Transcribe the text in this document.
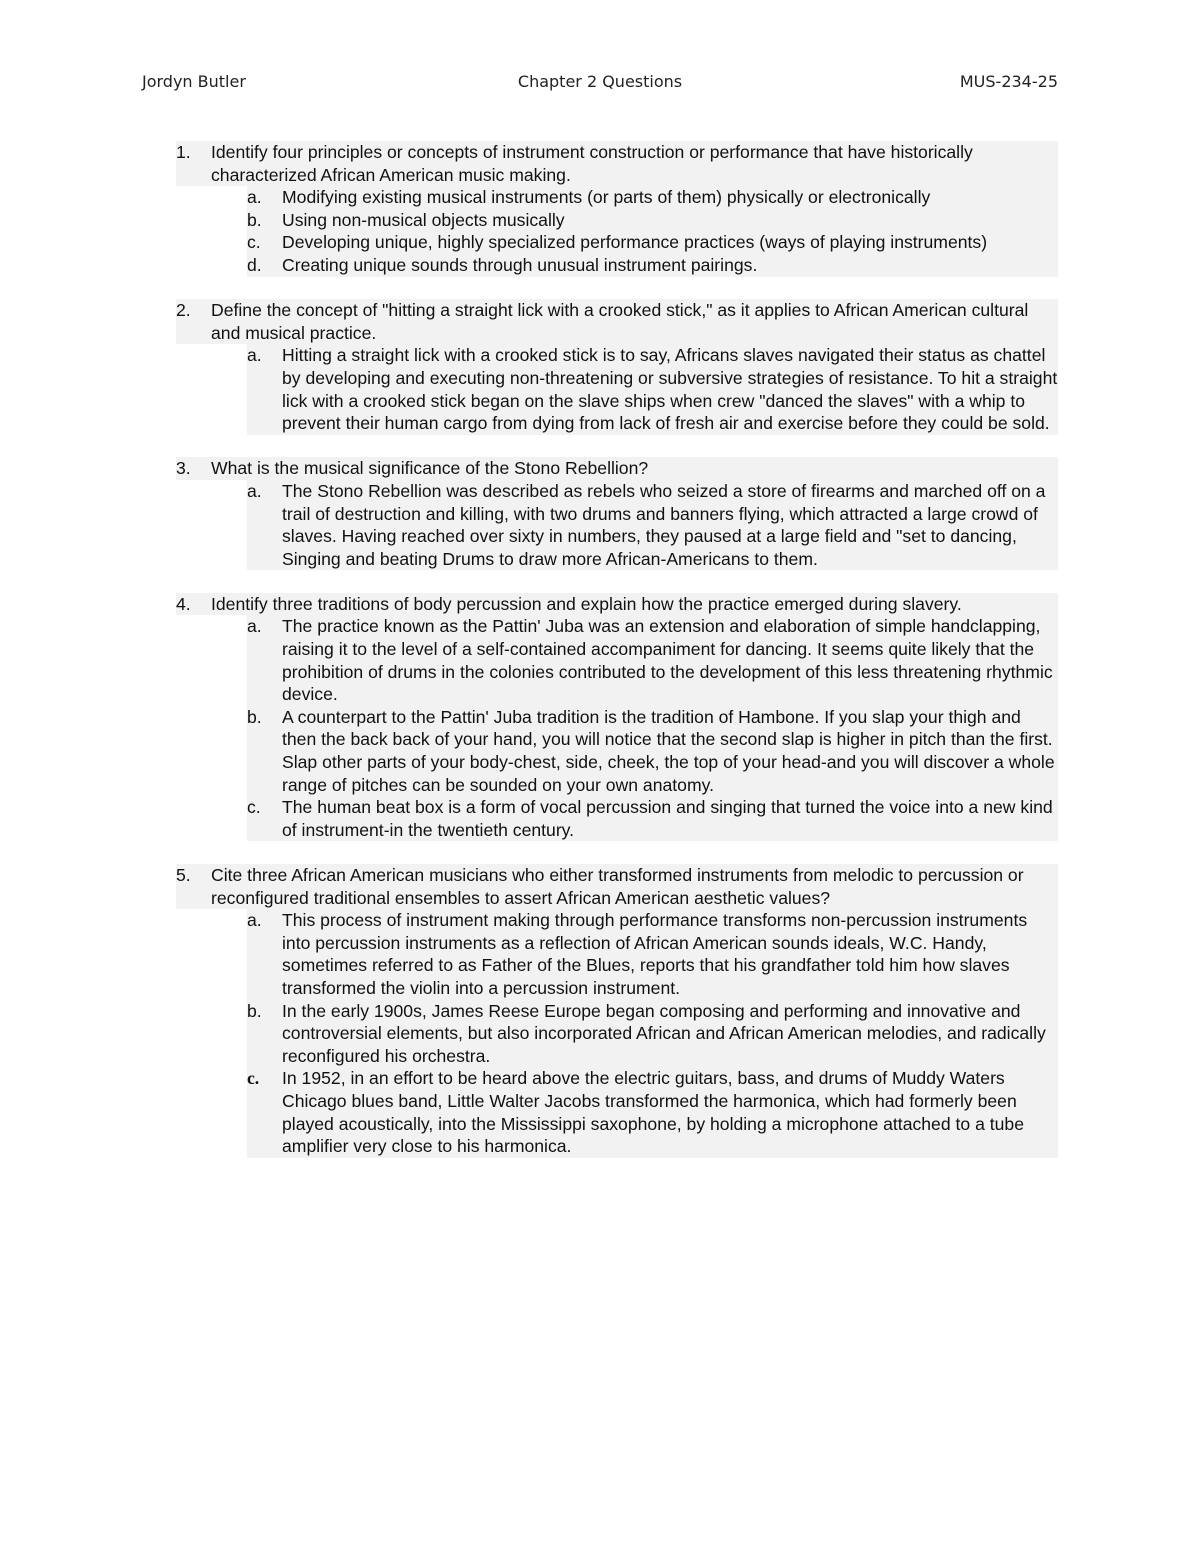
Jordyn Butler	Chapter 2 Questions	MUS-234-25
1.	Identify four principles or concepts of instrument construction or performance that have historically characterized African American music making.
a. Modifying existing musical instruments (or parts of them) physically or electronically
b. Using non-musical objects musically
c. Developing unique, highly specialized performance practices (ways of playing instruments)
d. Creating unique sounds through unusual instrument pairings.
2.	Define the concept of "hitting a straight lick with a crooked stick," as it applies to African American cultural and musical practice.
a. Hitting a straight lick with a crooked stick is to say, Africans slaves navigated their status as chattel by developing and executing non-threatening or subversive strategies of resistance. To hit a straight lick with a crooked stick began on the slave ships when crew "danced the slaves" with a whip to prevent their human cargo from dying from lack of fresh air and exercise before they could be sold.
3.	What is the musical significance of the Stono Rebellion?
a. The Stono Rebellion was described as rebels who seized a store of firearms and marched off on a trail of destruction and killing, with two drums and banners flying, which attracted a large crowd of slaves. Having reached over sixty in numbers, they paused at a large field and "set to dancing, Singing and beating Drums to draw more African-Americans to them.
4.	Identify three traditions of body percussion and explain how the practice emerged during slavery.
a. The practice known as the Pattin' Juba was an extension and elaboration of simple handclapping, raising it to the level of a self-contained accompaniment for dancing. It seems quite likely that the prohibition of drums in the colonies contributed to the development of this less threatening rhythmic device.
b. A counterpart to the Pattin' Juba tradition is the tradition of Hambone. If you slap your thigh and then the back back of your hand, you will notice that the second slap is higher in pitch than the first. Slap other parts of your body-chest, side, cheek, the top of your head-and you will discover a whole range of pitches can be sounded on your own anatomy.
c. The human beat box is a form of vocal percussion and singing that turned the voice into a new kind of instrument-in the twentieth century.
5.	Cite three African American musicians who either transformed instruments from melodic to percussion or reconfigured traditional ensembles to assert African American aesthetic values?
a. This process of instrument making through performance transforms non-percussion instruments into percussion instruments as a reflection of African American sounds ideals, W.C. Handy, sometimes referred to as Father of the Blues, reports that his grandfather told him how slaves transformed the violin into a percussion instrument.
b. In the early 1900s, James Reese Europe began composing and performing and innovative and controversial elements, but also incorporated African and African American melodies, and radically reconfigured his orchestra.
c. In 1952, in an effort to be heard above the electric guitars, bass, and drums of Muddy Waters Chicago blues band, Little Walter Jacobs transformed the harmonica, which had formerly been played acoustically, into the Mississippi saxophone, by holding a microphone attached to a tube amplifier very close to his harmonica.
